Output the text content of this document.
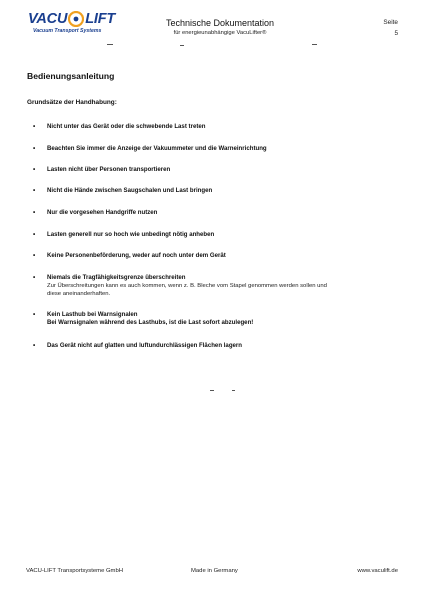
VACU LIFT
Vacuum Transport Systems
Technische Dokumentation
für energieunabhängige VacuLifter®
Seite
5
Bedienungsanleitung
Grundsätze der Handhabung:
• Nicht unter das Gerät oder die schwebende Last treten
• Beachten Sie immer die Anzeige der Vakuummeter und die Warneinrichtung
• Lasten nicht über Personen transportieren
• Nicht die Hände zwischen Saugschalen und Last bringen
• Nur die vorgesehen Handgriffe nutzen
• Lasten generell nur so hoch wie unbedingt nötig anheben
• Keine Personenbeförderung, weder auf noch unter dem Gerät
• Niemals die Tragfähigkeitsgrenze überschreiten
Zur Überschreitungen kann es auch kommen, wenn z. B. Bleche vom Stapel genommen werden sollen und
diese aneinanderhaften.
• Kein Lasthub bei Warnsignalen
Bei Warnsignalen während des Lasthubs, ist die Last sofort abzulegen!
• Das Gerät nicht auf glatten und luftundurchlässigen Flächen lagern
VACU-LIFT Transportsysteme GmbH	Made in Germany	www.vaculift.de
